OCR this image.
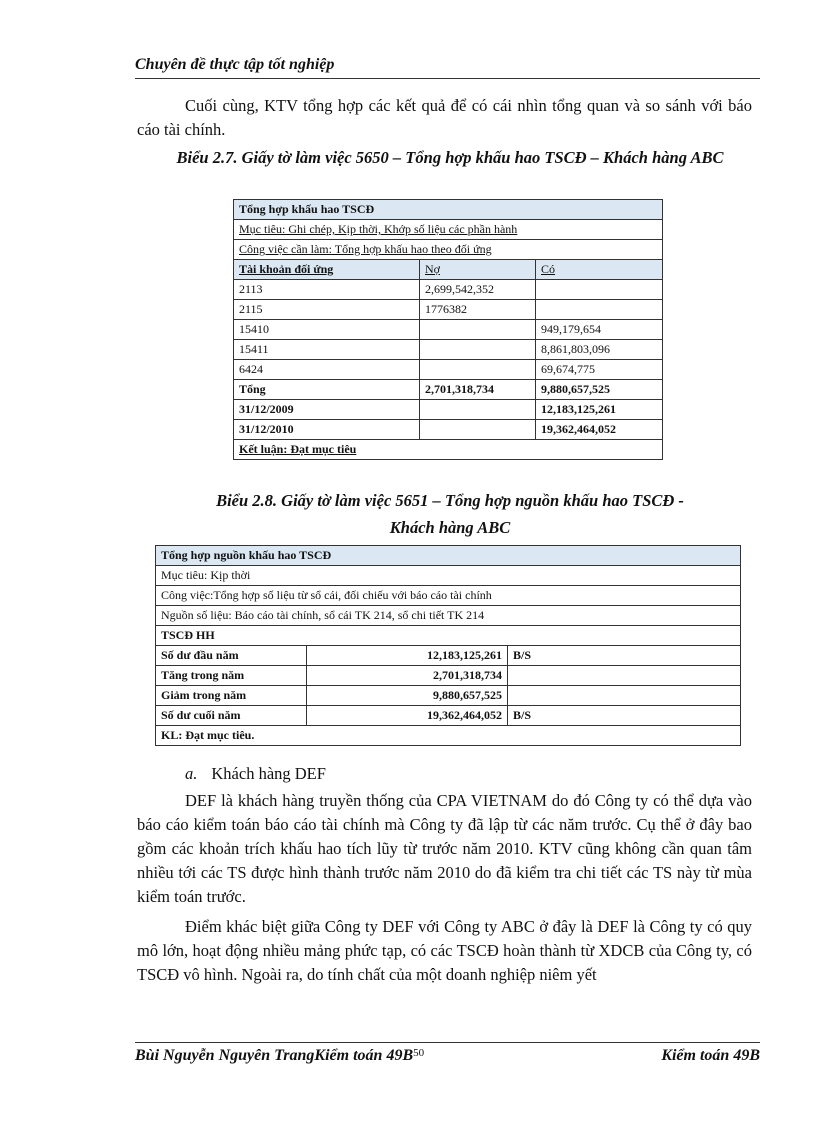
Chuyên đề thực tập tốt nghiệp
Cuối cùng, KTV tổng hợp các kết quả để có cái nhìn tổng quan và so sánh với báo cáo tài chính.
Biểu 2.7. Giấy tờ làm việc 5650 – Tổng hợp khấu hao TSCĐ – Khách hàng ABC
Tổng hợp khấu hao TSCĐ		
Mục tiêu: Ghi chép, Kịp thời, Khớp số liệu các phần hành		
Công việc cần làm: Tổng hợp khấu hao theo đối ứng		
Tài khoản đối ứng	Nợ	Có
2113	2,699,542,352	
2115	1776382	
15410		949,179,654
15411		8,861,803,096
6424		69,674,775
Tổng	2,701,318,734	9,880,657,525
31/12/2009		12,183,125,261
31/12/2010		19,362,464,052
Kết luận: Đạt mục tiêu		
Biểu 2.8. Giấy tờ làm việc 5651 – Tổng hợp nguồn khấu hao TSCĐ -
Khách hàng ABC
Tổng hợp nguồn khấu hao TSCĐ		
Mục tiêu: Kịp thời		
Công việc:Tổng hợp số liệu từ sổ cái, đối chiếu với báo cáo tài chính		
Nguồn số liệu: Báo cáo tài chính, sổ cái TK 214, sổ chi tiết TK 214		
TSCĐ HH		
Số dư đầu năm	12,183,125,261	B/S
Tăng trong năm	2,701,318,734	
Giảm trong năm	9,880,657,525	
Số dư cuối năm	19,362,464,052	B/S
KL: Đạt mục tiêu.		
a. Khách hàng DEF
DEF là khách hàng truyền thống của CPA VIETNAM do đó Công ty có thể dựa vào báo cáo kiểm toán báo cáo tài chính mà Công ty đã lập từ các năm trước. Cụ thể ở đây bao gồm các khoản trích khấu hao tích lũy từ trước năm 2010. KTV cũng không cần quan tâm nhiều tới các TS được hình thành trước năm 2010 do đã kiểm tra chi tiết các TS này từ mùa kiểm toán trước.
Điểm khác biệt giữa Công ty DEF với Công ty ABC ở đây là DEF là Công ty có quy mô lớn, hoạt động nhiều mảng phức tạp, có các TSCĐ hoàn thành từ XDCB của Công ty, có TSCĐ vô hình. Ngoài ra, do tính chất của một doanh nghiệp niêm yết
Bùi Nguyễn Nguyên TrangKiểm toán $49B^{50}$	Kiểm toán 49B
